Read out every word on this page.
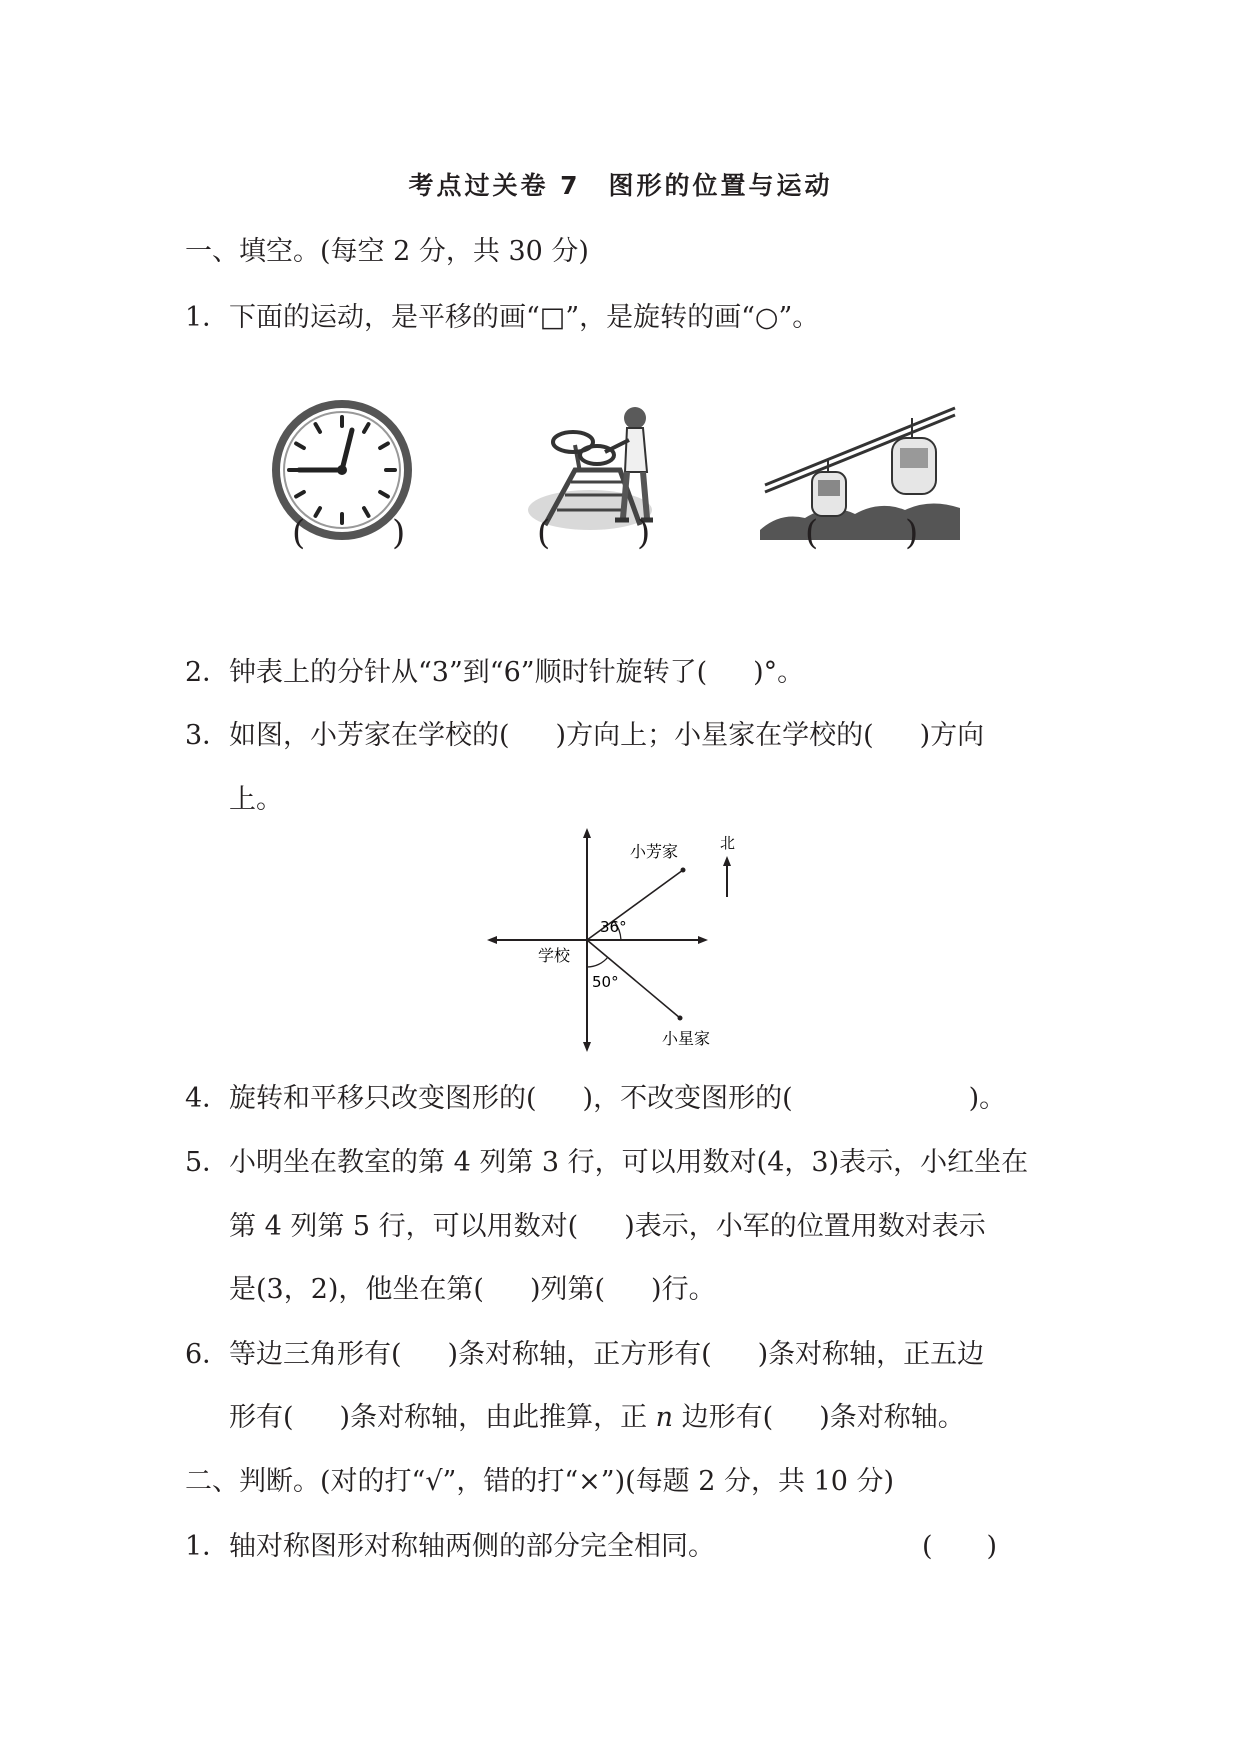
考点过关卷 7　图形的位置与运动
一、填空。(每空 2 分，共 30 分)
1．下面的运动，是平移的画“□”，是旋转的画“○”。
(	)	(	)	(	)
2．钟表上的分针从“3”到“6”顺时针旋转了( )°。
3．如图，小芳家在学校的( )方向上；小星家在学校的( )方向
上。
北
学校
小芳家
小星家
36°
50°
4．旋转和平移只改变图形的( )，不改变图形的(	)。
5．小明坐在教室的第 4 列第 3 行，可以用数对(4，3)表示，小红坐在
第 4 列第 5 行，可以用数对( )表示，小军的位置用数对表示
是(3，2)，他坐在第( )列第( )行。
6．等边三角形有( )条对称轴，正方形有( )条对称轴，正五边
形有( )条对称轴，由此推算，正 n 边形有( )条对称轴。
二、判断。(对的打“√”，错的打“×”)(每题 2 分，共 10 分)
1．轴对称图形对称轴两侧的部分完全相同。	(　　)
